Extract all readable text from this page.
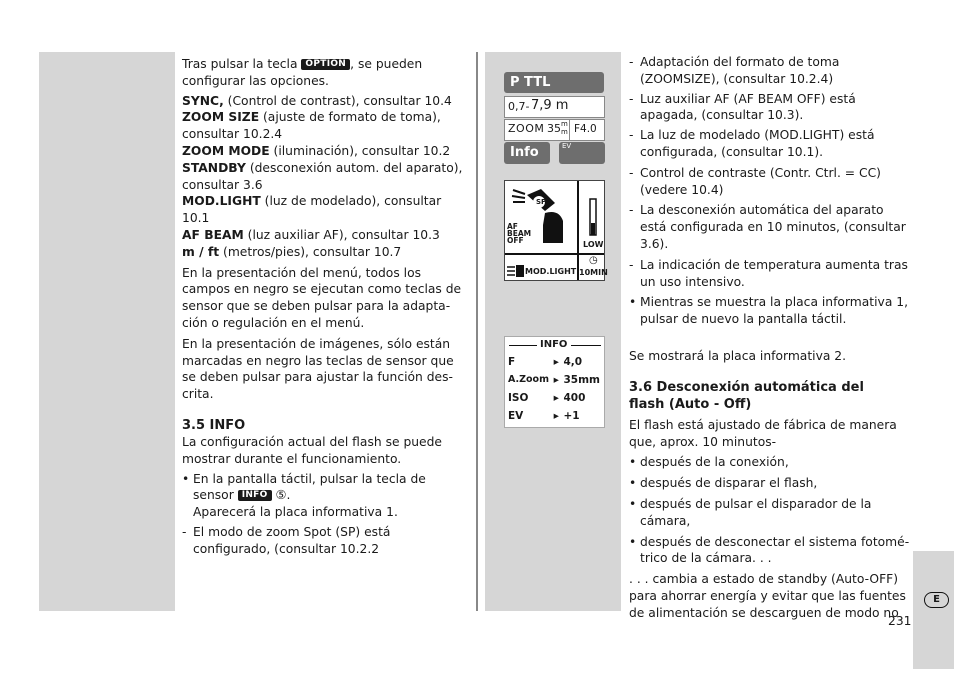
Tras pulsar la tecla OPTION , se pueden configurar las opciones.

SYNC, (Control de contrast), consultar 10.4

ZOOM SIZE (ajuste de formato de toma), consultar 10.2.4

ZOOM MODE (iluminación), consultar 10.2

STANDBY (desconexión autom. del aparato), consultar 3.6

MOD.LIGHT (luz de modelado), consultar 10.1

AF BEAM (luz auxiliar AF), consultar 10.3

m / ft (metros/pies), consultar 10.7

En la presentación del menú, todos los campos en negro se ejecutan como teclas de sensor que se deben pulsar para la adapta-ción o regulación en el menú.

En la presentación de imágenes, sólo están marcadas en negro las teclas de sensor que se deben pulsar para ajustar la función des-crita.

3.5 INFO

La configuración actual del flash se puede mostrar durante el funcionamiento.

• En la pantalla táctil, pulsar la tecla de sensor INFO ⑤.
Aparecerá la placa informativa 1.
- El modo de zoom Spot (SP) está configurado, (consultar 10.2.2
P TTL
0,7- 7,9 m
ZOOM 35 m
m F4.0
Info	EV
SP
AF BEAM OFF	LOW
MOD.LIGHT
◷
10MIN
INFO
F	▸	4,0
A.Zoom	▸	35mm
ISO	▸	400
EV	▸	+1
- Adaptación del formato de toma (ZOOMSIZE), (consultar 10.2.4)
- Luz auxiliar AF (AF BEAM OFF) está apagada, (consultar 10.3).
- La luz de modelado (MOD.LIGHT) está configurada, (consultar 10.1).
- Control de contraste (Contr. Ctrl. = CC) (vedere 10.4)
- La desconexión automática del aparato está configurada en 10 minutos, (consultar 3.6).
- La indicación de temperatura aumenta tras un uso intensivo.
• Mientras se muestra la placa informativa 1, pulsar de nuevo la pantalla táctil.

Se mostrará la placa informativa 2.

3.6 Desconexión automática del flash (Auto - Off)

El flash está ajustado de fábrica de manera que, aprox. 10 minutos-

• después de la conexión,
• después de disparar el flash,
• después de pulsar el disparador de la cámara,
• después de desconectar el sistema fotomé-trico de la cámara. . .

. . . cambia a estado de standby (Auto-OFF) para ahorrar energía y evitar que las fuentes de alimentación se descarguen de modo no

E
231
